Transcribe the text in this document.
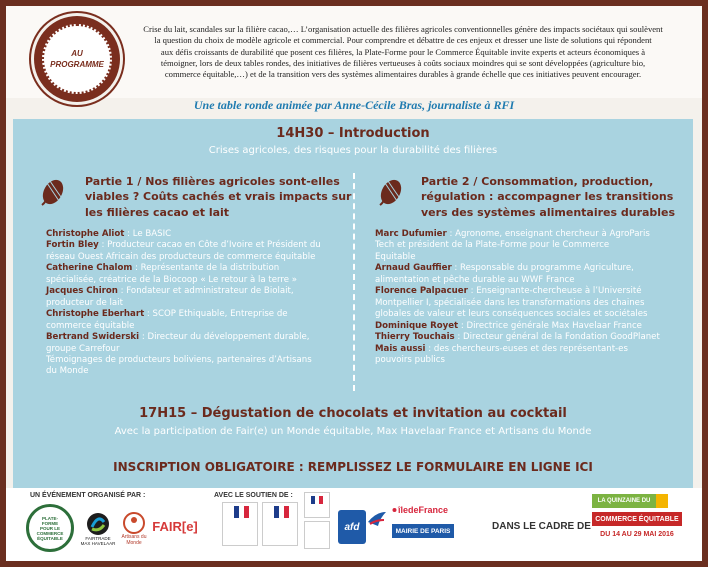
AU PROGRAMME
Crise du lait, scandales sur la filière cacao,… L’organisation actuelle des filières agricoles conventionnelles génère des impacts sociétaux qui soulèvent
la question du choix de modèle agricole et commercial. Pour comprendre et débattre de ces enjeux et dresser une liste de solutions qui répondent
aux défis croissants de durabilité que posent ces filières, la Plate-Forme pour le Commerce Équitable invite experts et acteurs économiques à
témoigner, lors de deux tables rondes, des initiatives de filières vertueuses à coûts sociaux moindres qui se sont développées (agriculture bio,
commerce équitable,…) et de la transition vers des systèmes alimentaires durables à grande échelle que ces initiatives peuvent encourager.
Une table ronde animée par Anne-Cécile Bras, journaliste à RFI
14H30 – Introduction
Crises agricoles, des risques pour la durabilité des filières
Partie 1 / Nos filières agricoles sont-elles
viables ? Coûts cachés et vrais impacts sur
les filières cacao et lait
Christophe Aliot : Le BASIC
Fortin Bley : Producteur cacao en Côte d’Ivoire et Président du
réseau Ouest Africain des producteurs de commerce équitable
Catherine Chalom : Représentante de la distribution
spécialisée, créatrice de la Biocoop « Le retour à la terre »
Jacques Chiron : Fondateur et administrateur de Biolait,
producteur de lait
Christophe Eberhart : SCOP Ethiquable, Entreprise de
commerce équitable
Bertrand Swiderski : Directeur du développement durable,
groupe Carrefour
Témoignages de producteurs boliviens, partenaires d’Artisans
du Monde
Partie 2 / Consommation, production,
régulation : accompagner les transitions
vers des systèmes alimentaires durables
Marc Dufumier : Agronome, enseignant chercheur à AgroParis
Tech et président de la Plate-Forme pour le Commerce
Equitable
Arnaud Gauffier : Responsable du programme Agriculture,
alimentation et pêche durable au WWF France
Florence Palpacuer : Enseignante-chercheuse à l’Université
Montpellier I, spécialisée dans les transformations des chaines
globales de valeur et leurs conséquences sociales et sociétales
Dominique Royet : Directrice générale Max Havelaar France
Thierry Touchais : Directeur général de la Fondation GoodPlanet
Mais aussi : des chercheurs-euses et des représentant-es
pouvoirs publics
17H15 – Dégustation de chocolats et invitation au cocktail
Avec la participation de Fair(e) un Monde équitable, Max Havelaar France et Artisans du Monde
INSCRIPTION OBLIGATOIRE : REMPLISSEZ LE FORMULAIRE EN LIGNE ICI
UN ÉVÉNEMENT ORGANISÉ PAR :	AVEC LE SOUTIEN DE :
DANS LE CADRE DE
PLATE-FORME POUR LE COMMERCE ÉQUITABLE	FAIRTRADE MAX HAVELAAR
Artisans du Monde
FAIR[e]	afd
îledeFrance
MAIRIE DE PARIS
LA QUINZAINE DU
COMMERCE ÉQUITABLE
DU 14 AU 29 MAI 2016
